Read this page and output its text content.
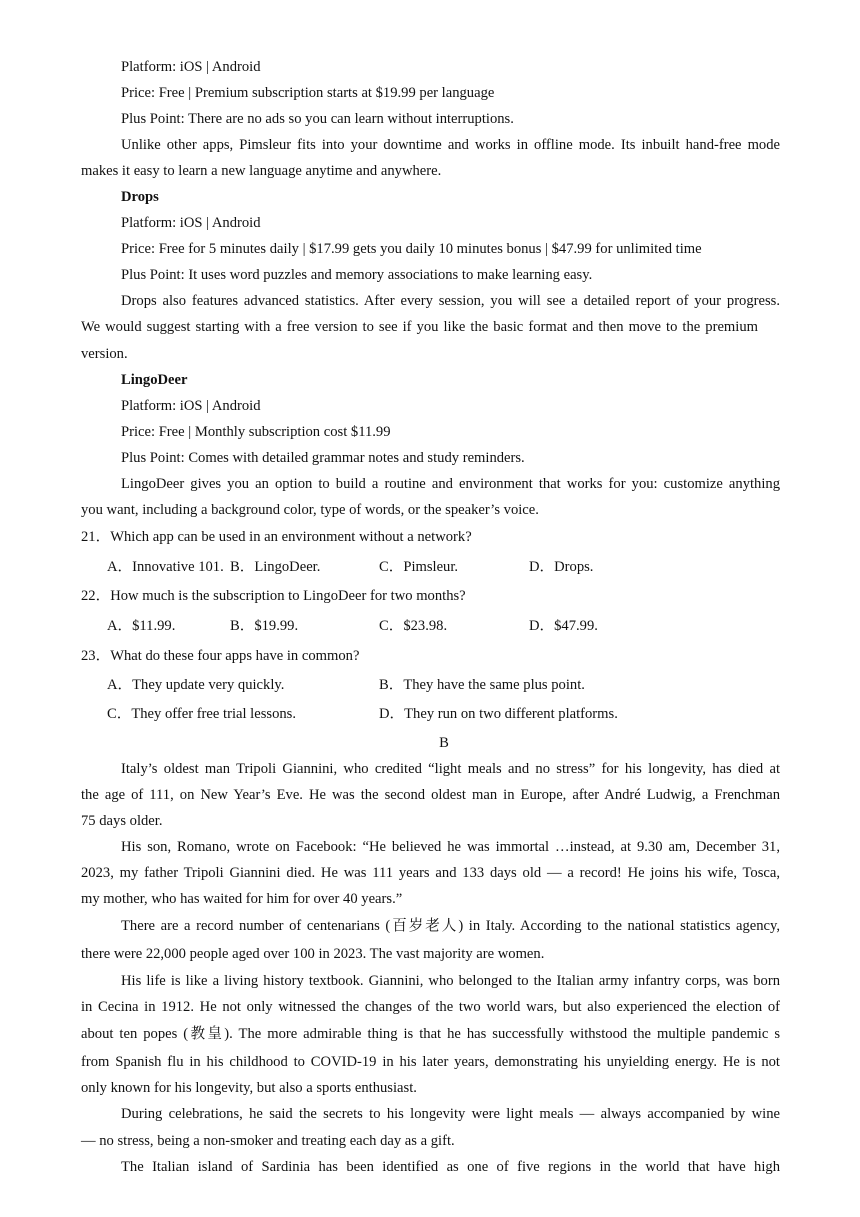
Platform: iOS | Android
Price: Free | Premium subscription starts at $19.99 per language
Plus Point: There are no ads so you can learn without interruptions.
Unlike other apps, Pimsleur fits into your downtime and works in offline mode. Its inbuilt hand-free mode
makes it easy to learn a new language anytime and anywhere.
Drops
Platform: iOS | Android
Price: Free for 5 minutes daily | $17.99 gets you daily 10 minutes bonus | $47.99 for unlimited time
Plus Point: It uses word puzzles and memory associations to make learning easy.
Drops also features advanced statistics. After every session, you will see a detailed report of your progress.
We would suggest starting with a free version to see if you like the basic format and then move to the premium
version.
LingoDeer
Platform: iOS | Android
Price: Free | Monthly subscription cost $11.99
Plus Point: Comes with detailed grammar notes and study reminders.
LingoDeer gives you an option to build a routine and environment that works for you: customize anything
you want, including a background color, type of words, or the speaker’s voice.
21．Which app can be used in an environment without a network?
A．Innovative 101. B．LingoDeer.	C．Pimsleur.	D．Drops.
22．How much is the subscription to LingoDeer for two months?
A．$11.99.	B．$19.99.	C．$23.98.	D．$47.99.
23．What do these four apps have in common?
A．They update very quickly.	B．They have the same plus point.
C．They offer free trial lessons.	D．They run on two different platforms.
B
Italy’s oldest man Tripoli Giannini, who credited “light meals and no stress” for his longevity, has died at
the age of 111, on New Year’s Eve. He was the second oldest man in Europe, after André Ludwig, a Frenchman
75 days older.
His son, Romano, wrote on Facebook: “He believed he was immortal …instead, at 9.30 am, December 31,
2023, my father Tripoli Giannini died. He was 111 years and 133 days old — a record! He joins his wife, Tosca,
my mother, who has waited for him for over 40 years.”
There are a record number of centenarians (百岁老人) in Italy. According to the national statistics agency,
there were 22,000 people aged over 100 in 2023. The vast majority are women.
His life is like a living history textbook. Giannini, who belonged to the Italian army infantry corps, was born
in Cecina in 1912. He not only witnessed the changes of the two world wars, but also experienced the election of
about ten popes (教皇). The more admirable thing is that he has successfully withstood the multiple pandemic s
from Spanish flu in his childhood to COVID-19 in his later years, demonstrating his unyielding energy. He is not
only known for his longevity, but also a sports enthusiast.
During celebrations, he said the secrets to his longevity were light meals — always accompanied by wine
— no stress, being a non-smoker and treating each day as a gift.
The Italian island of Sardinia has been identified as one of five regions in the world that have high
